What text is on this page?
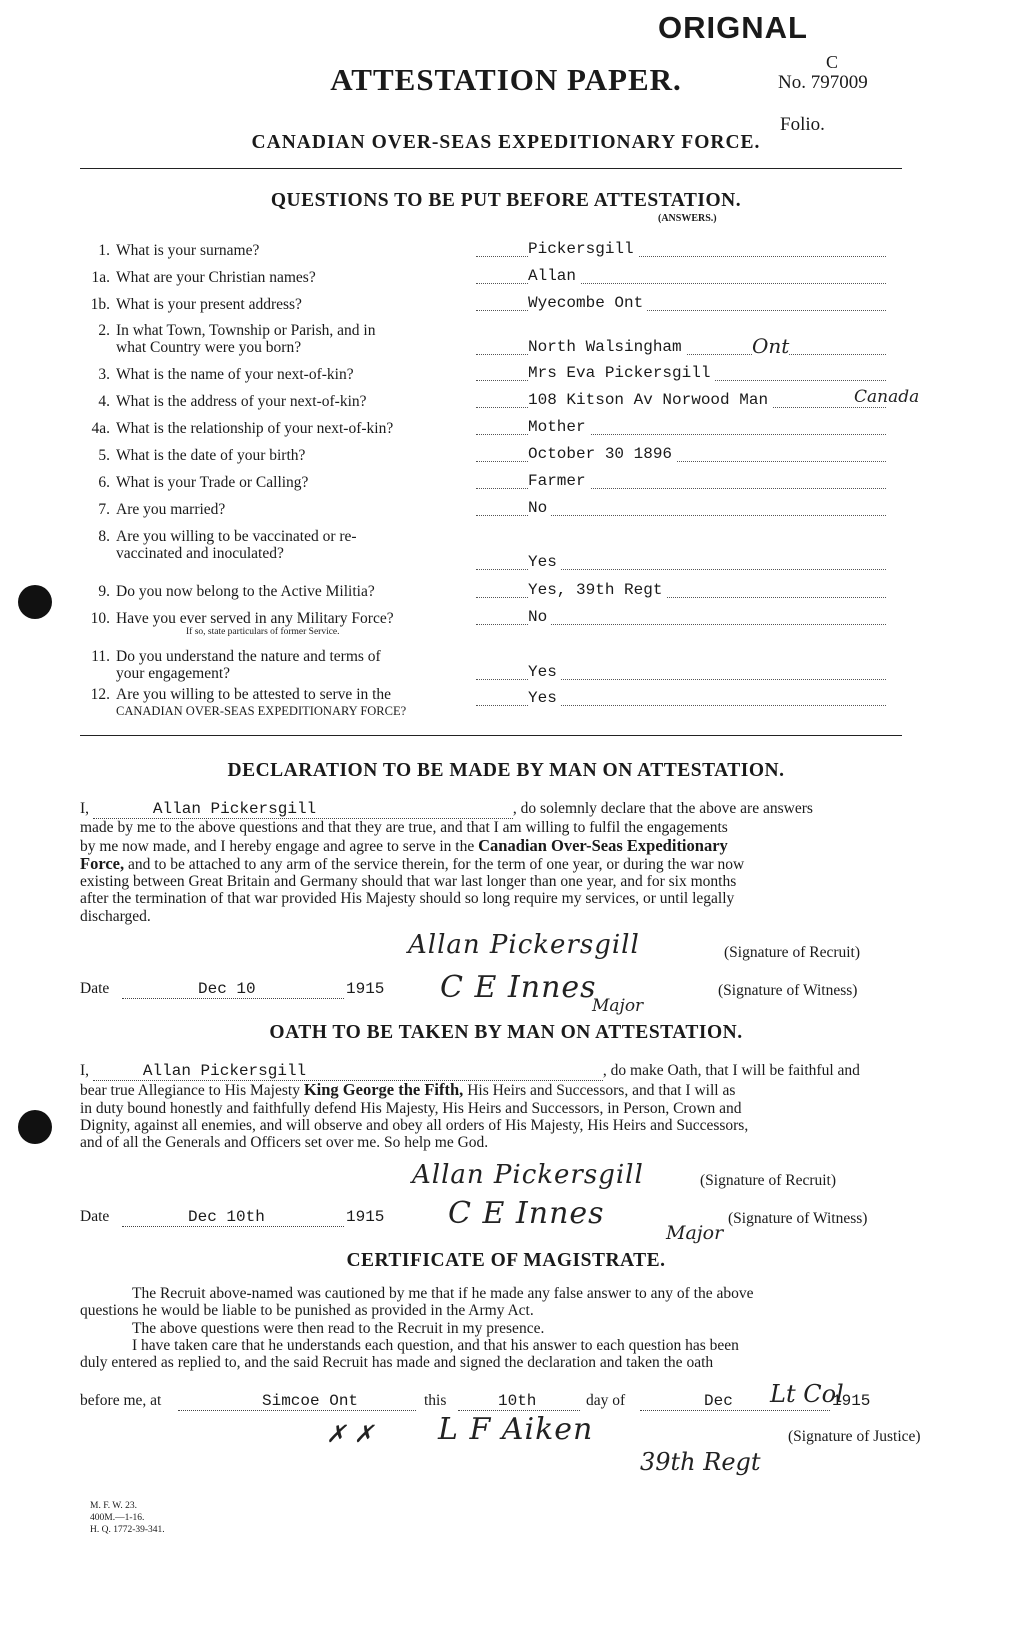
ORIGNAL
C
No. 797009
Folio.
ATTESTATION PAPER.
CANADIAN OVER-SEAS EXPEDITIONARY FORCE.
QUESTIONS TO BE PUT BEFORE ATTESTATION.
(ANSWERS.)
1. What is your surname?	Pickersgill
1a. What are your Christian names?	Allan
1b. What is your present address?	Wyecombe Ont
2. In what Town, Township or Parish, and in
what Country were you born?	North Walsingham	Ont
3. What is the name of your next-of-kin?	Mrs Eva Pickersgill
4. What is the address of your next-of-kin?	108 Kitson Av Norwood Man	Canada
4a. What is the relationship of your next-of-kin?	Mother
5. What is the date of your birth?	October 30 1896
6. What is your Trade or Calling?	Farmer
7. Are you married?	No
8. Are you willing to be vaccinated or re-
vaccinated and inoculated?	Yes
9. Do you now belong to the Active Militia?	Yes, 39th Regt
10. Have you ever served in any Military Force?
If so, state particulars of former Service.
No
11. Do you understand the nature and terms of
your engagement?	Yes
12. Are you willing to be attested to serve in the
CANADIAN OVER-SEAS EXPEDITIONARY FORCE?
Yes
DECLARATION TO BE MADE BY MAN ON ATTESTATION.
I,	Allan Pickersgill	, do solemnly declare that the above are answers
made by me to the above questions and that they are true, and that I am willing to fulfil the engagements
by me now made, and I hereby engage and agree to serve in the Canadian Over-Seas Expeditionary
Force, and to be attached to any arm of the service therein, for the term of one year, or during the war now
existing between Great Britain and Germany should that war last longer than one year, and for six months
after the termination of that war provided His Majesty should so long require my services, or until legally
discharged.
Allan Pickersgill	(Signature of Recruit)
Date	Dec 10	1915 C E Innes
Major
(Signature of Witness)
OATH TO BE TAKEN BY MAN ON ATTESTATION.
I,	Allan Pickersgill	, do make Oath, that I will be faithful and
bear true Allegiance to His Majesty King George the Fifth, His Heirs and Successors, and that I will as
in duty bound honestly and faithfully defend His Majesty, His Heirs and Successors, in Person, Crown and
Dignity, against all enemies, and will observe and obey all orders of His Majesty, His Heirs and Successors,
and of all the Generals and Officers set over me. So help me God.
Allan Pickersgill	(Signature of Recruit)
Date	Dec 10th	1915 C E Innes
Major
(Signature of Witness)
CERTIFICATE OF MAGISTRATE.
The Recruit above-named was cautioned by me that if he made any false answer to any of the above
questions he would be liable to be punished as provided in the Army Act.
The above questions were then read to the Recruit in my presence.
I have taken care that he understands each question, and that his answer to each question has been
duly entered as replied to, and the said Recruit has made and signed the declaration and taken the oath
before me, at	Simcoe Ont	this	10th	day of	Dec	1915
L F Aiken
Lt Col
39th Regt
(Signature of Justice)
✗ ✗
M. F. W. 23.
400M.—1-16.
H. Q. 1772-39-341.
